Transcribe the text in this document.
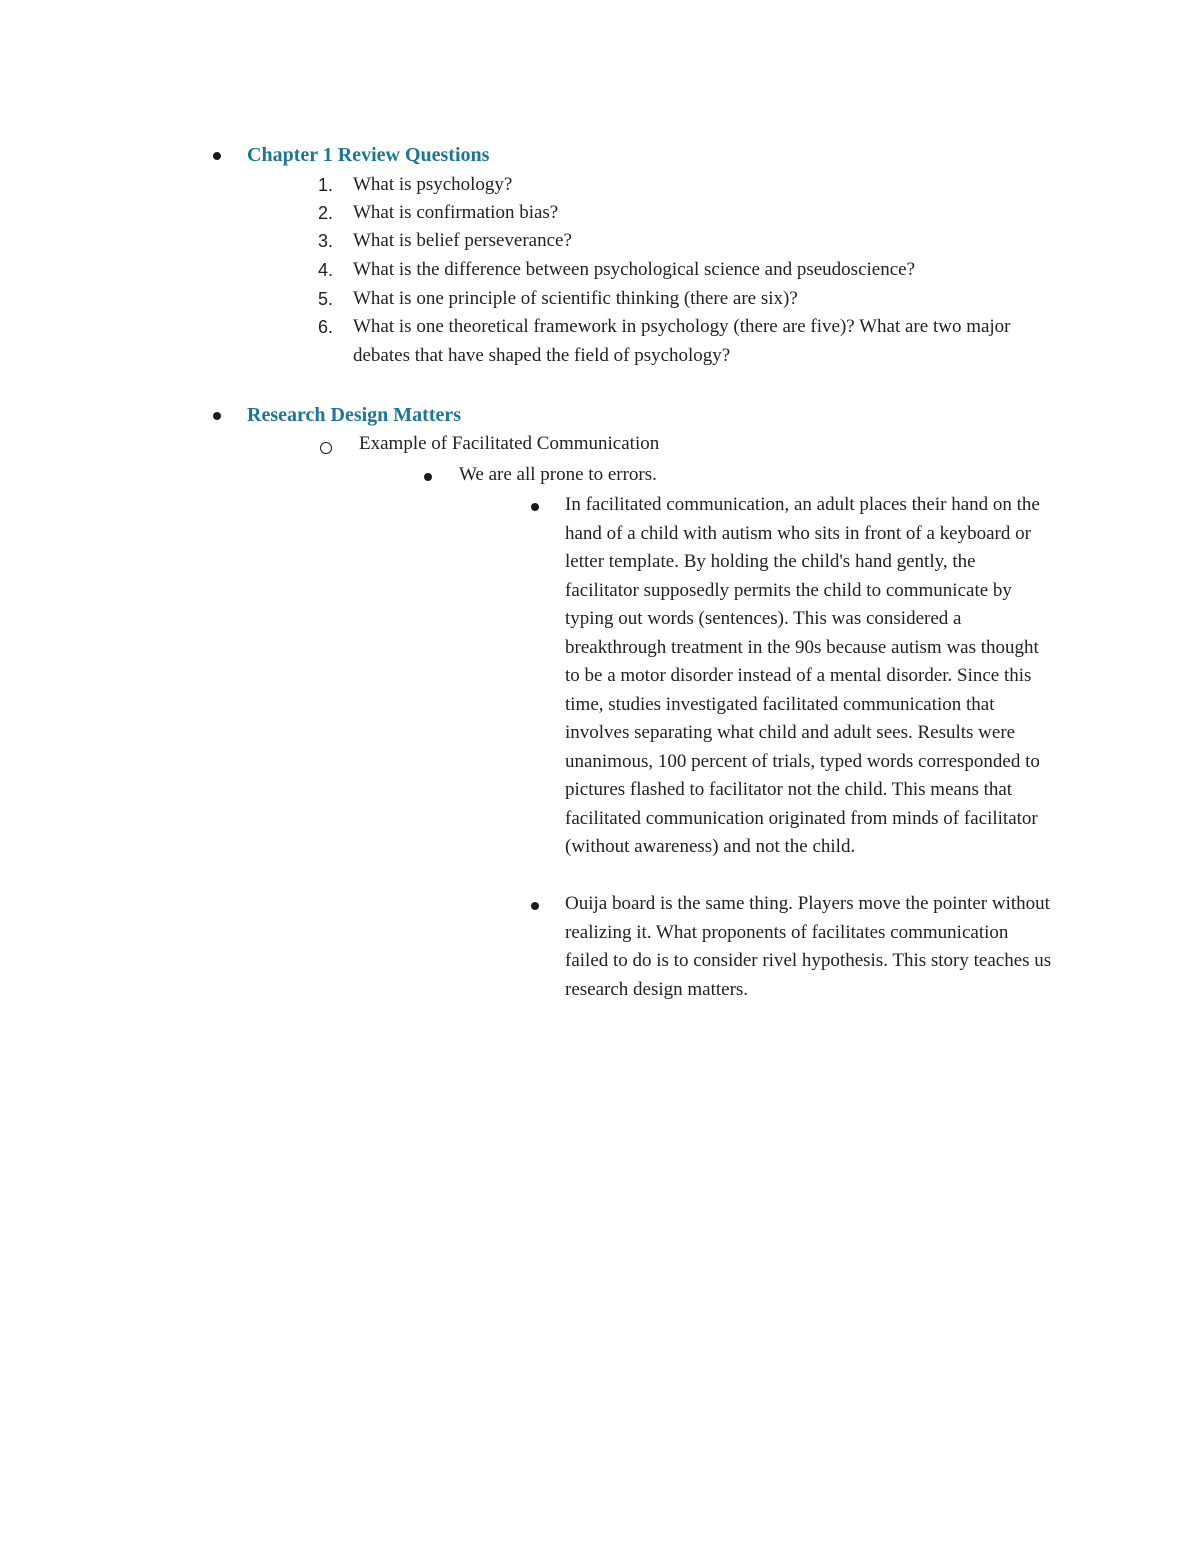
Chapter 1 Review Questions
1. What is psychology?
2. What is confirmation bias?
3. What is belief perseverance?
4. What is the difference between psychological science and pseudoscience?
5. What is one principle of scientific thinking (there are six)?
6. What is one theoretical framework in psychology (there are five)? What are two major debates that have shaped the field of psychology?
Research Design Matters
Example of Facilitated Communication
We are all prone to errors.
In facilitated communication, an adult places their hand on the hand of a child with autism who sits in front of a keyboard or letter template. By holding the child's hand gently, the facilitator supposedly permits the child to communicate by typing out words (sentences). This was considered a breakthrough treatment in the 90s because autism was thought to be a motor disorder instead of a mental disorder. Since this time, studies investigated facilitated communication that involves separating what child and adult sees. Results were unanimous, 100 percent of trials, typed words corresponded to pictures flashed to facilitator not the child. This means that facilitated communication originated from minds of facilitator (without awareness) and not the child.
Ouija board is the same thing. Players move the pointer without realizing it. What proponents of facilitates communication failed to do is to consider rivel hypothesis. This story teaches us research design matters.
